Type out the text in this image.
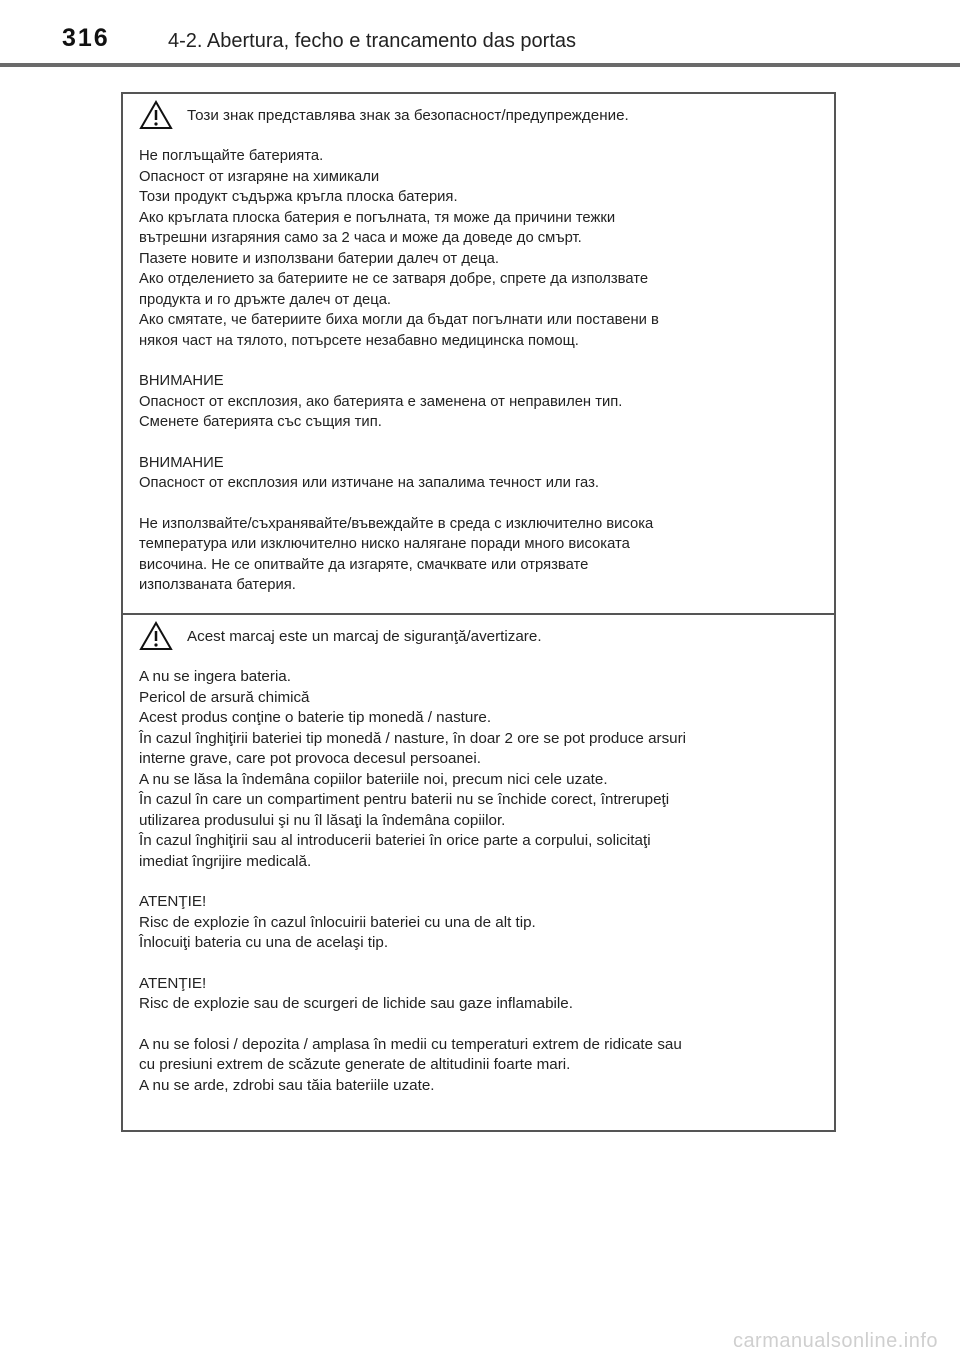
316	4-2. Abertura, fecho e trancamento das portas
Този знак представлява знак за безопасност/предупреждение.
Не поглъщайте батерията.
Опасност от изгаряне на химикали
Този продукт съдържа кръгла плоска батерия.
Ако кръглата плоска батерия е погълната, тя може да причини тежки
вътрешни изгаряния само за 2 часа и може да доведе до смърт.
Пазете новите и използвани батерии далеч от деца.
Ако отделението за батериите не се затваря добре, спрете да използвате
продукта и го дръжте далеч от деца.
Ако смятате, че батериите биха могли да бъдат погълнати или поставени в
някоя част на тялото, потърсете незабавно медицинска помощ.
ВНИМАНИЕ
Опасност от експлозия, ако батерията е заменена от неправилен тип.
Сменете батерията със същия тип.
ВНИМАНИЕ
Опасност от експлозия или изтичане на запалима течност или газ.
Не използвайте/съхранявайте/въвеждайте в среда с изключително висока
температура или изключително ниско налягане поради много високата
височина. Не се опитвайте да изгаряте, смачквате или отрязвате
използваната батерия.
Acest marcaj este un marcaj de siguranţă/avertizare.
A nu se ingera bateria.
Pericol de arsură chimică
Acest produs conţine o baterie tip monedă / nasture.
În cazul înghiţirii bateriei tip monedă / nasture, în doar 2 ore se pot produce arsuri
interne grave, care pot provoca decesul persoanei.
A nu se lăsa la îndemâna copiilor bateriile noi, precum nici cele uzate.
În cazul în care un compartiment pentru baterii nu se închide corect, întrerupeţi
utilizarea produsului şi nu îl lăsaţi la îndemâna copiilor.
În cazul înghiţirii sau al introducerii bateriei în orice parte a corpului, solicitaţi
imediat îngrijire medicală.
ATENŢIE!
Risc de explozie în cazul înlocuirii bateriei cu una de alt tip.
Înlocuiţi bateria cu una de acelaşi tip.
ATENŢIE!
Risc de explozie sau de scurgeri de lichide sau gaze inflamabile.
A nu se folosi / depozita / amplasa în medii cu temperaturi extrem de ridicate sau
cu presiuni extrem de scăzute generate de altitudinii foarte mari.
A nu se arde, zdrobi sau tăia bateriile uzate.
carmanualsonline.info
